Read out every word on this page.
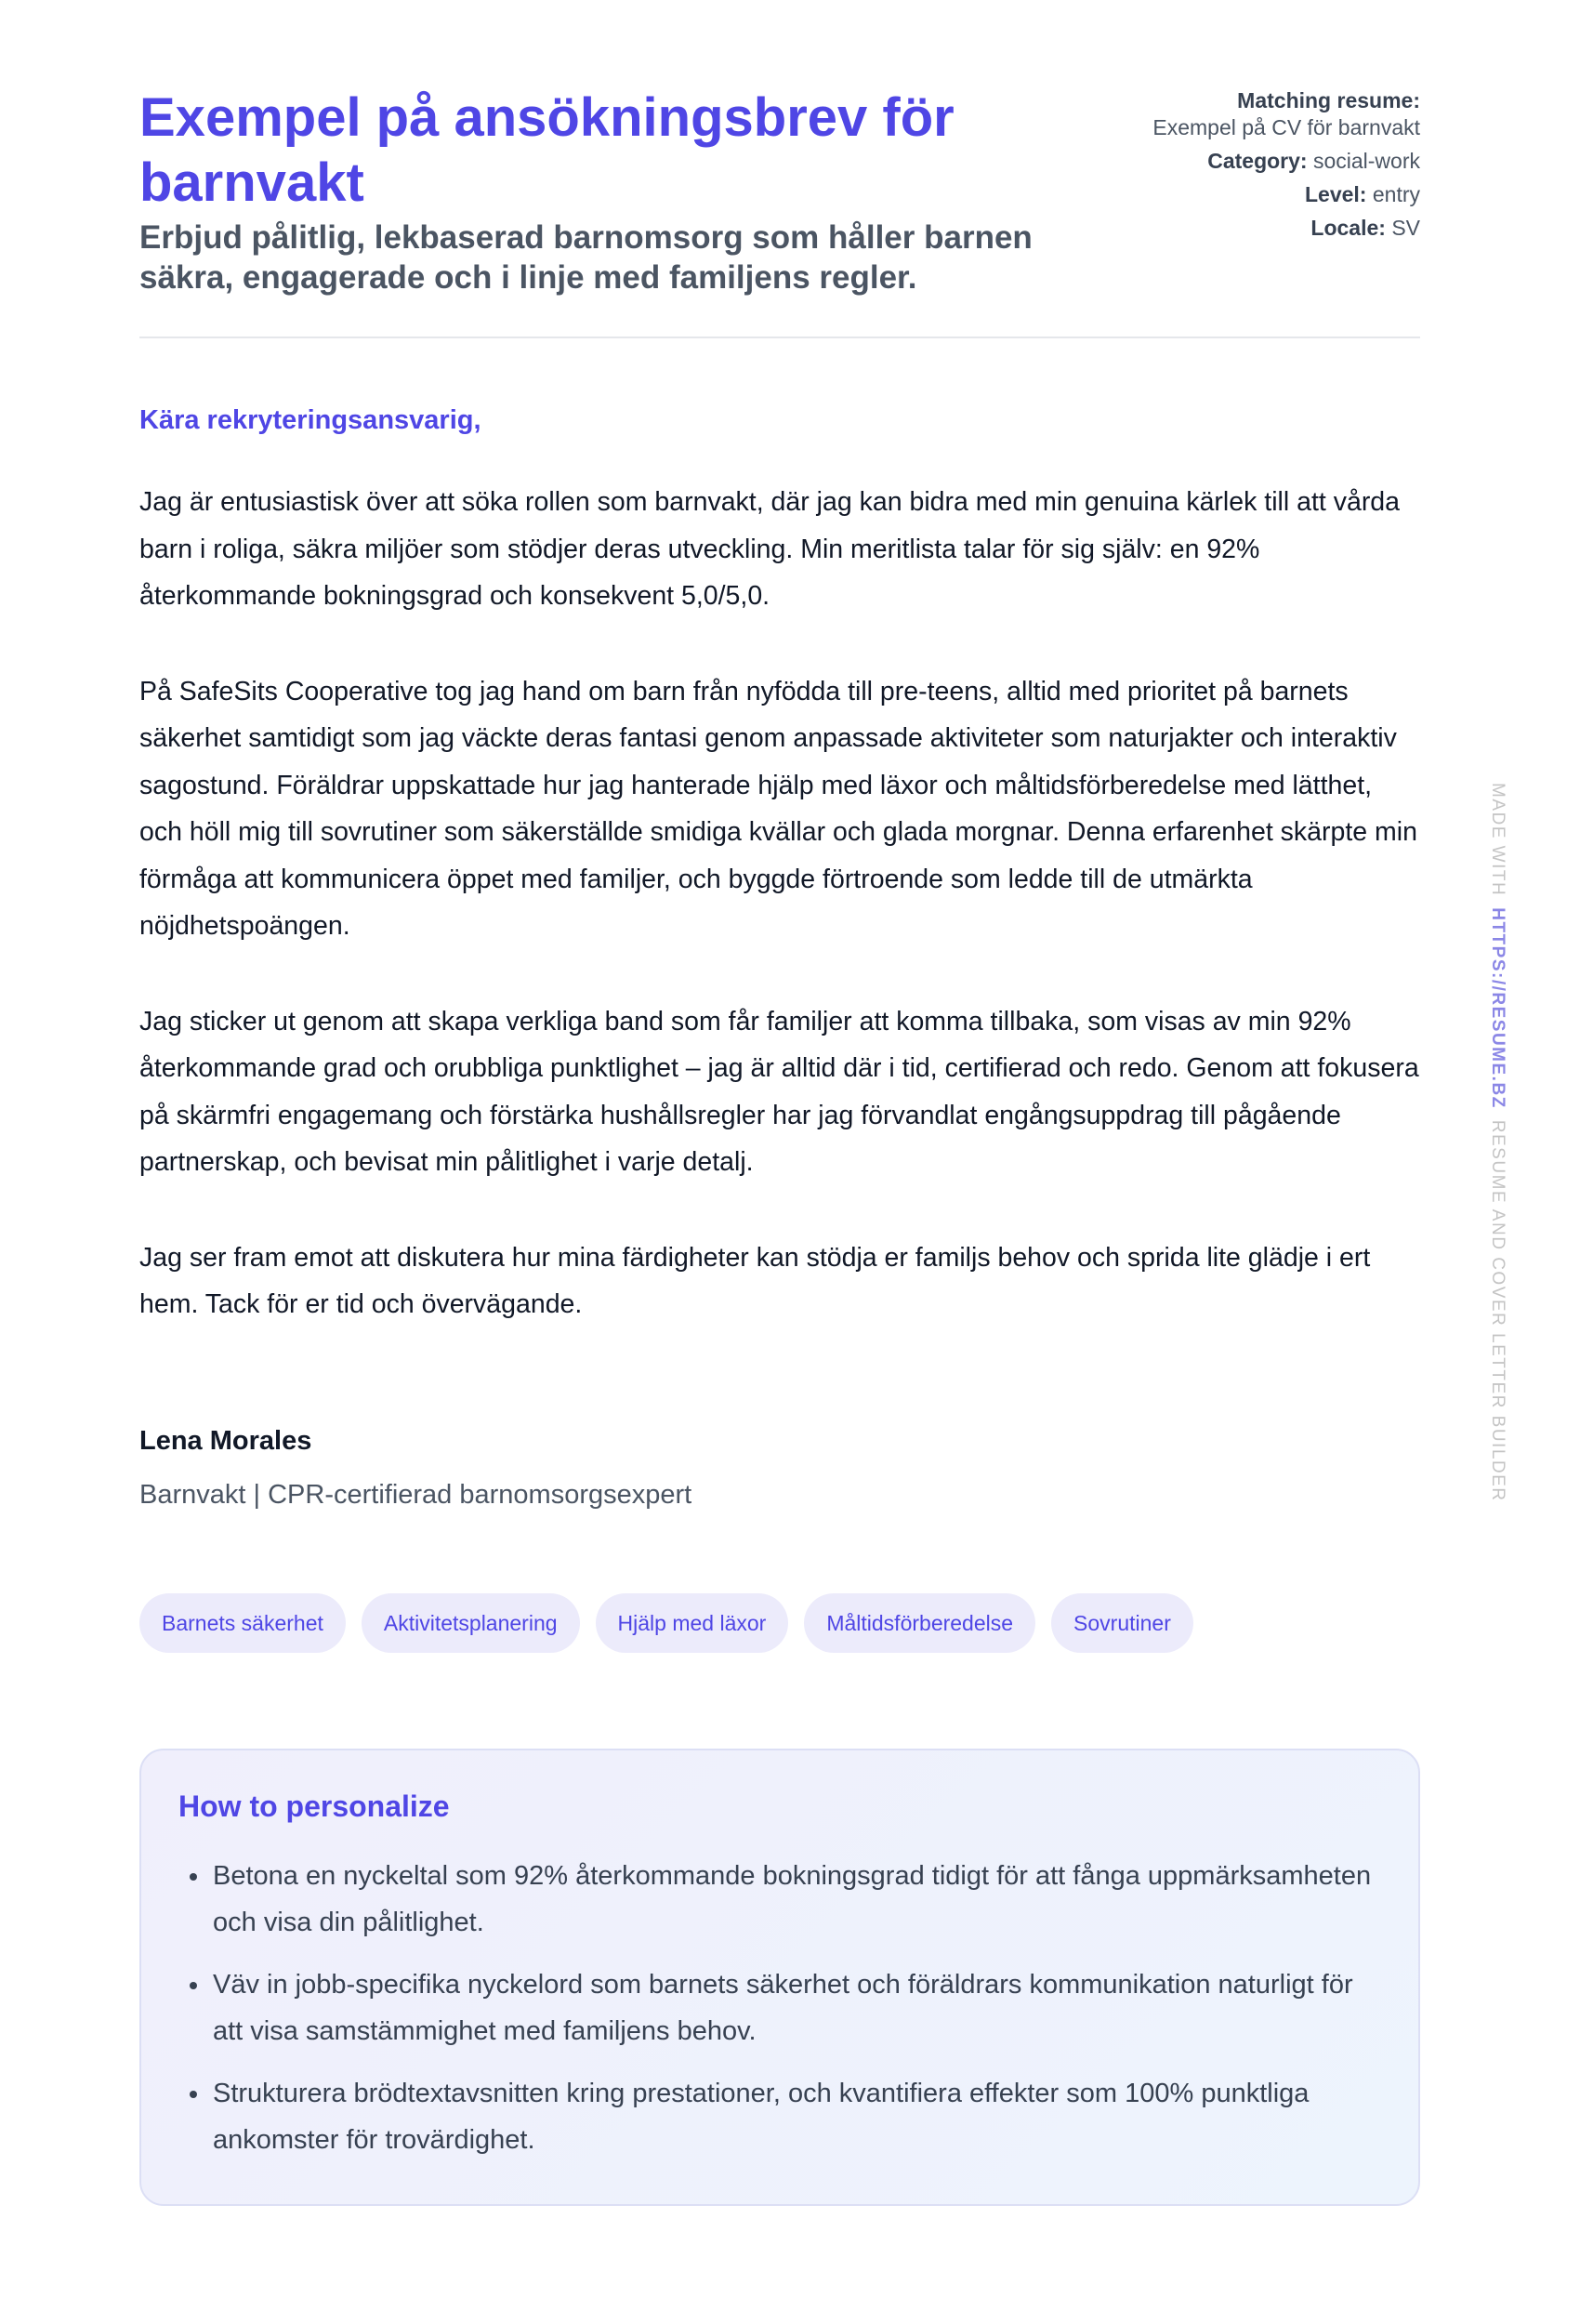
Exempel på ansökningsbrev för barnvakt
Erbjud pålitlig, lekbaserad barnomsorg som håller barnen säkra, engagerade och i linje med familjens regler.
Matching resume:
Exempel på CV för barnvakt
Category: social-work
Level: entry
Locale: SV
Kära rekryteringsansvarig,

Jag är entusiastisk över att söka rollen som barnvakt, där jag kan bidra med min genuina kärlek till att vårda barn i roliga, säkra miljöer som stödjer deras utveckling. Min meritlista talar för sig själv: en 92% återkommande bokningsgrad och konsekvent 5,0/5,0.

På SafeSits Cooperative tog jag hand om barn från nyfödda till pre-teens, alltid med prioritet på barnets säkerhet samtidigt som jag väckte deras fantasi genom anpassade aktiviteter som naturjakter och interaktiv sagostund. Föräldrar uppskattade hur jag hanterade hjälp med läxor och måltidsförberedelse med lätthet, och höll mig till sovrutiner som säkerställde smidiga kvällar och glada morgnar. Denna erfarenhet skärpte min förmåga att kommunicera öppet med familjer, och byggde förtroende som ledde till de utmärkta nöjdhetspoängen.

Jag sticker ut genom att skapa verkliga band som får familjer att komma tillbaka, som visas av min 92% återkommande grad och orubbliga punktlighet – jag är alltid där i tid, certifierad och redo. Genom att fokusera på skärmfri engagemang och förstärka hushållsregler har jag förvandlat engångsuppdrag till pågående partnerskap, och bevisat min pålitlighet i varje detalj.

Jag ser fram emot att diskutera hur mina färdigheter kan stödja er familjs behov och sprida lite glädje i ert hem. Tack för er tid och övervägande.

Lena Morales
Barnvakt | CPR-certifierad barnomsorgsexpert
Barnets säkerhet	Aktivitetsplanering	Hjälp med läxor	Måltidsförberedelse	Sovrutiner
How to personalize
Betona en nyckeltal som 92% återkommande bokningsgrad tidigt för att fånga uppmärksamheten och visa din pålitlighet.
Väv in jobb-specifika nyckelord som barnets säkerhet och föräldrars kommunikation naturligt för att visa samstämmighet med familjens behov.
Strukturera brödtextavsnitten kring prestationer, och kvantifiera effekter som 100% punktliga ankomster för trovärdighet.
MADE WITHHTTPS://RESUME.BZRESUME AND COVER LETTER BUILDER
